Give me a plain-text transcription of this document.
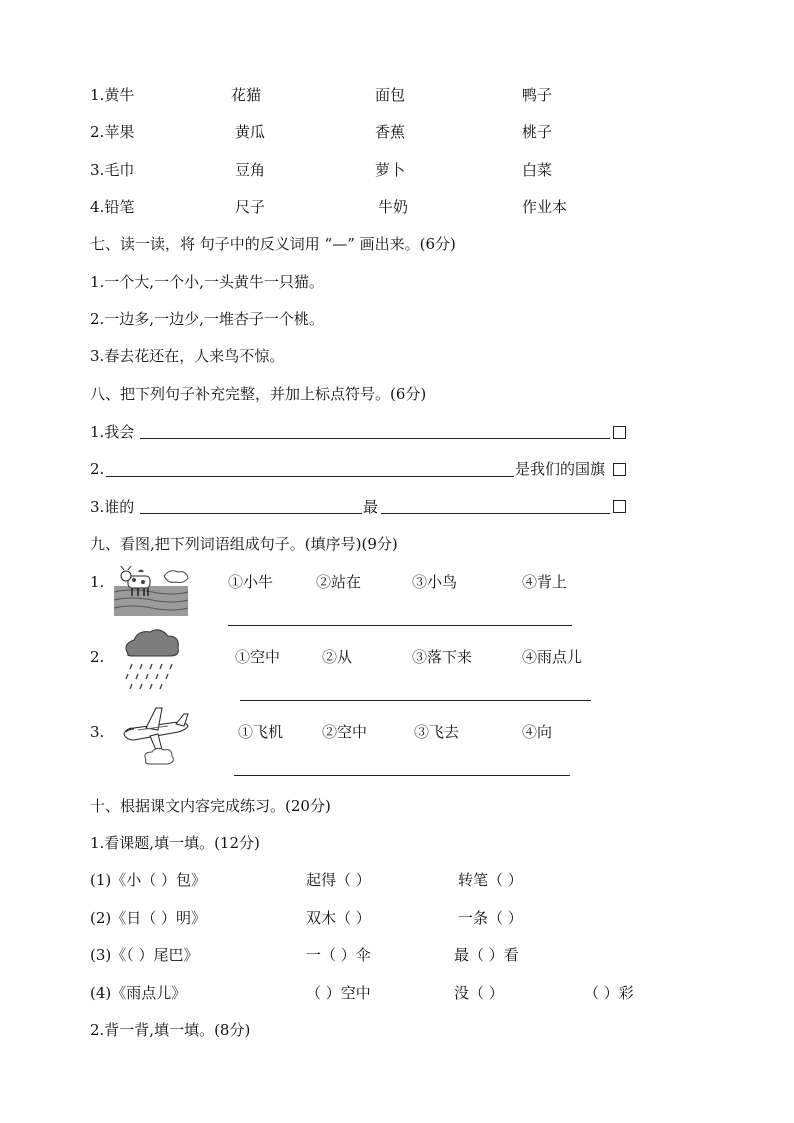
1.黄牛	花猫	面包	鸭子
2.苹果	黄瓜	香蕉	桃子
3.毛巾	豆角	萝卜	白菜
4.铅笔	尺子	牛奶	作业本
七、读一读，将 句子中的反义词用 “—” 画出来。(6分)
1.一个大,一个小,一头黄牛一只猫。
2.一边多,一边少,一堆杏子一个桃。
3.春去花还在，人来鸟不惊。
八、把下列句子补充完整，并加上标点符号。(6分)
1.我会
2.	是我们的国旗
3.谁的	最
九、看图,把下列词语组成句子。(填序号)(9分)
1.	①小牛	②站在	③小鸟	④背上
2.	①空中	②从	③落下来	④雨点儿
3.	①飞机	②空中	③飞去	④向
十、根据课文内容完成练习。(20分)
1.看课题,填一填。(12分)
(1)《小（ ）包》	起得（ ）	转笔（ ）
(2)《日（ ）明》	双木（ ）	一条（ ）
(3)《（ ）尾巴》	一（ ）伞	最（ ）看
(4)《雨点儿》	（ ）空中	没（ ）	（ ）彩
2.背一背,填一填。(8分)
